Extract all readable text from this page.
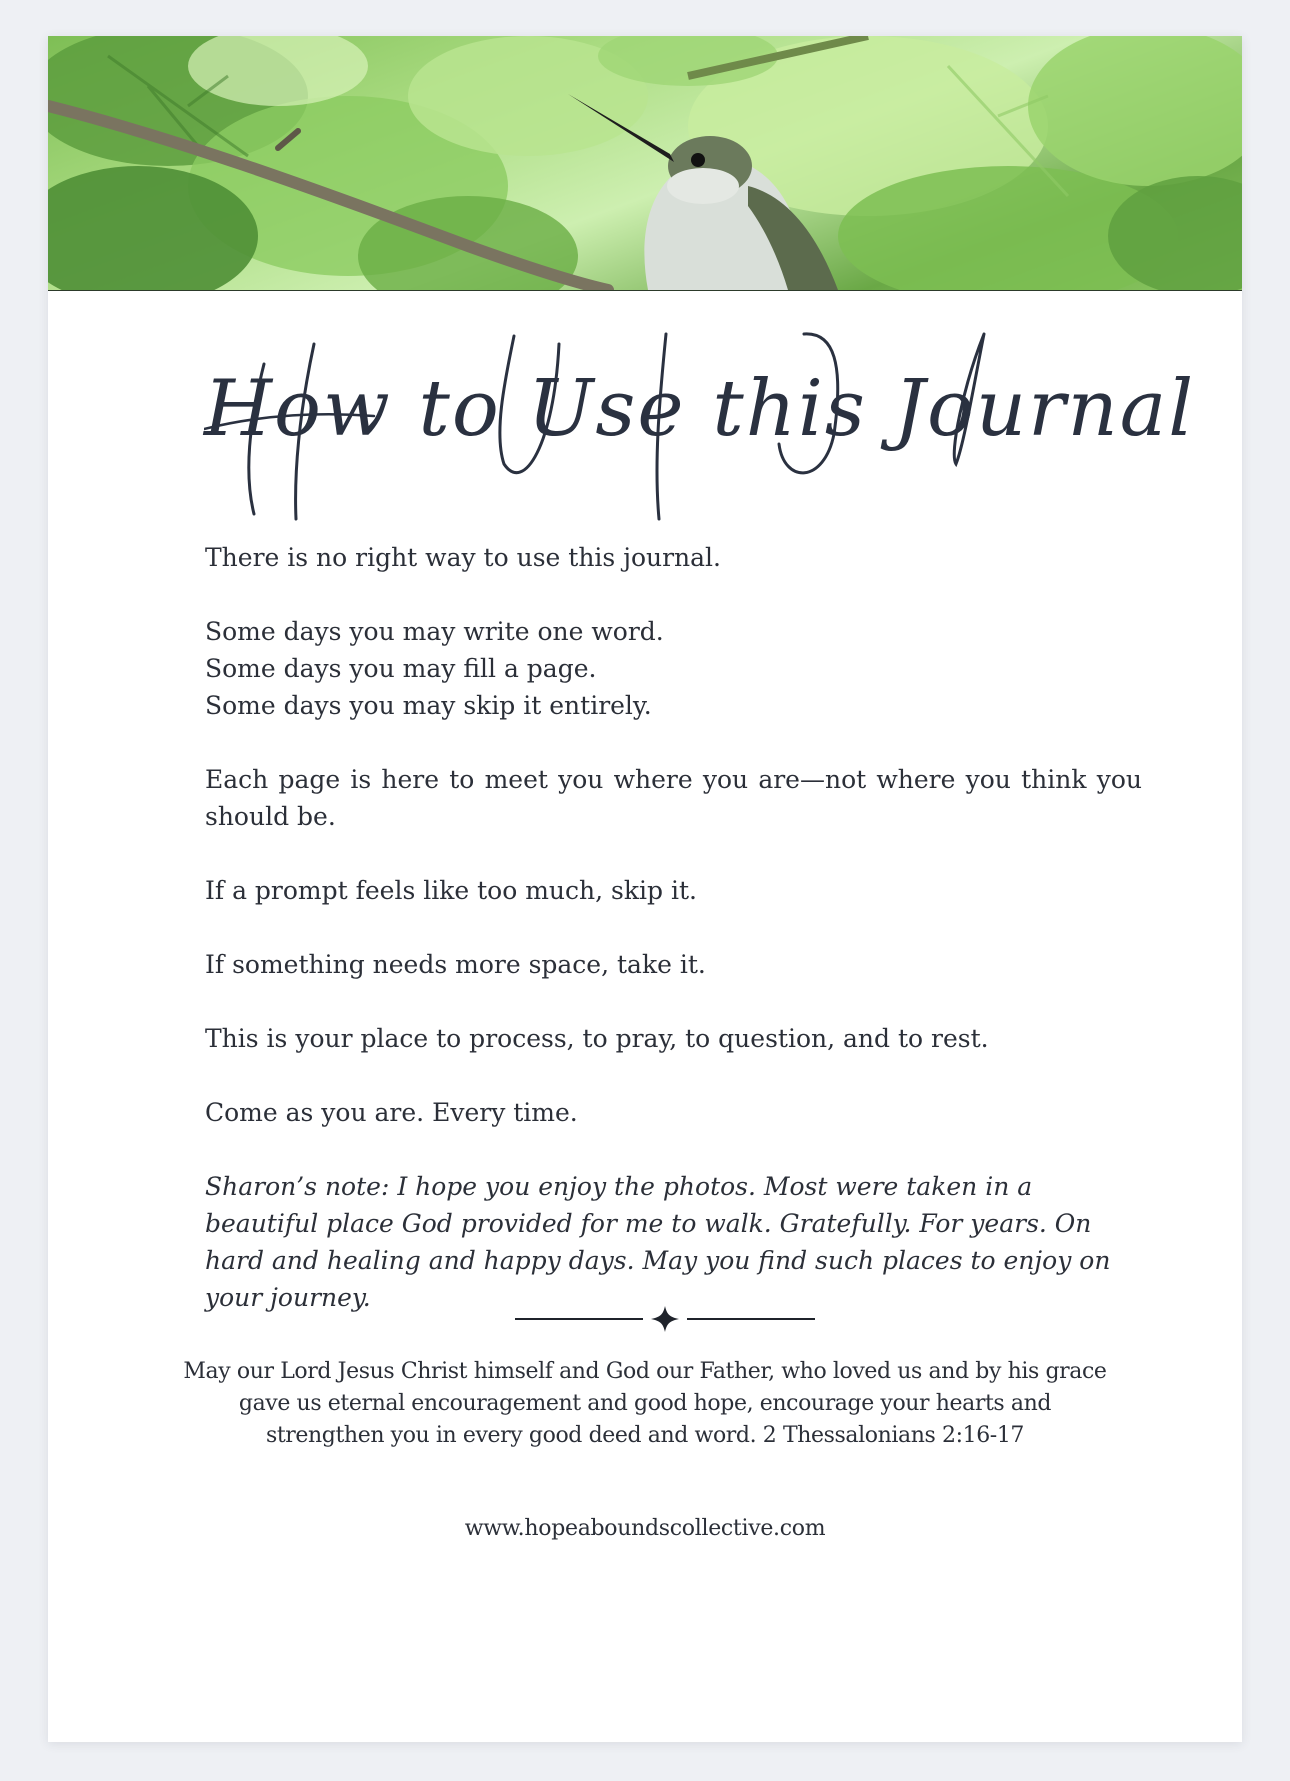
How to Use this Journal

There is no right way to use this journal.

Some days you may write one word.
Some days you may fill a page.
Some days you may skip it entirely.

Each page is here to meet you where you are—not where you think you should be.

If a prompt feels like too much, skip it.

If something needs more space, take it.

This is your place to process, to pray, to question, and to rest.

Come as you are. Every time.

Sharon’s note: I hope you enjoy the photos. Most were taken in a beautiful place God provided for me to walk. Gratefully. For years. On hard and healing and happy days. May you find such places to enjoy on your journey.

May our Lord Jesus Christ himself and God our Father, who loved us and by his grace gave us eternal encouragement and good hope, encourage your hearts and strengthen you in every good deed and word. 2 Thessalonians 2:16-17
www.hopeaboundscollective.com
